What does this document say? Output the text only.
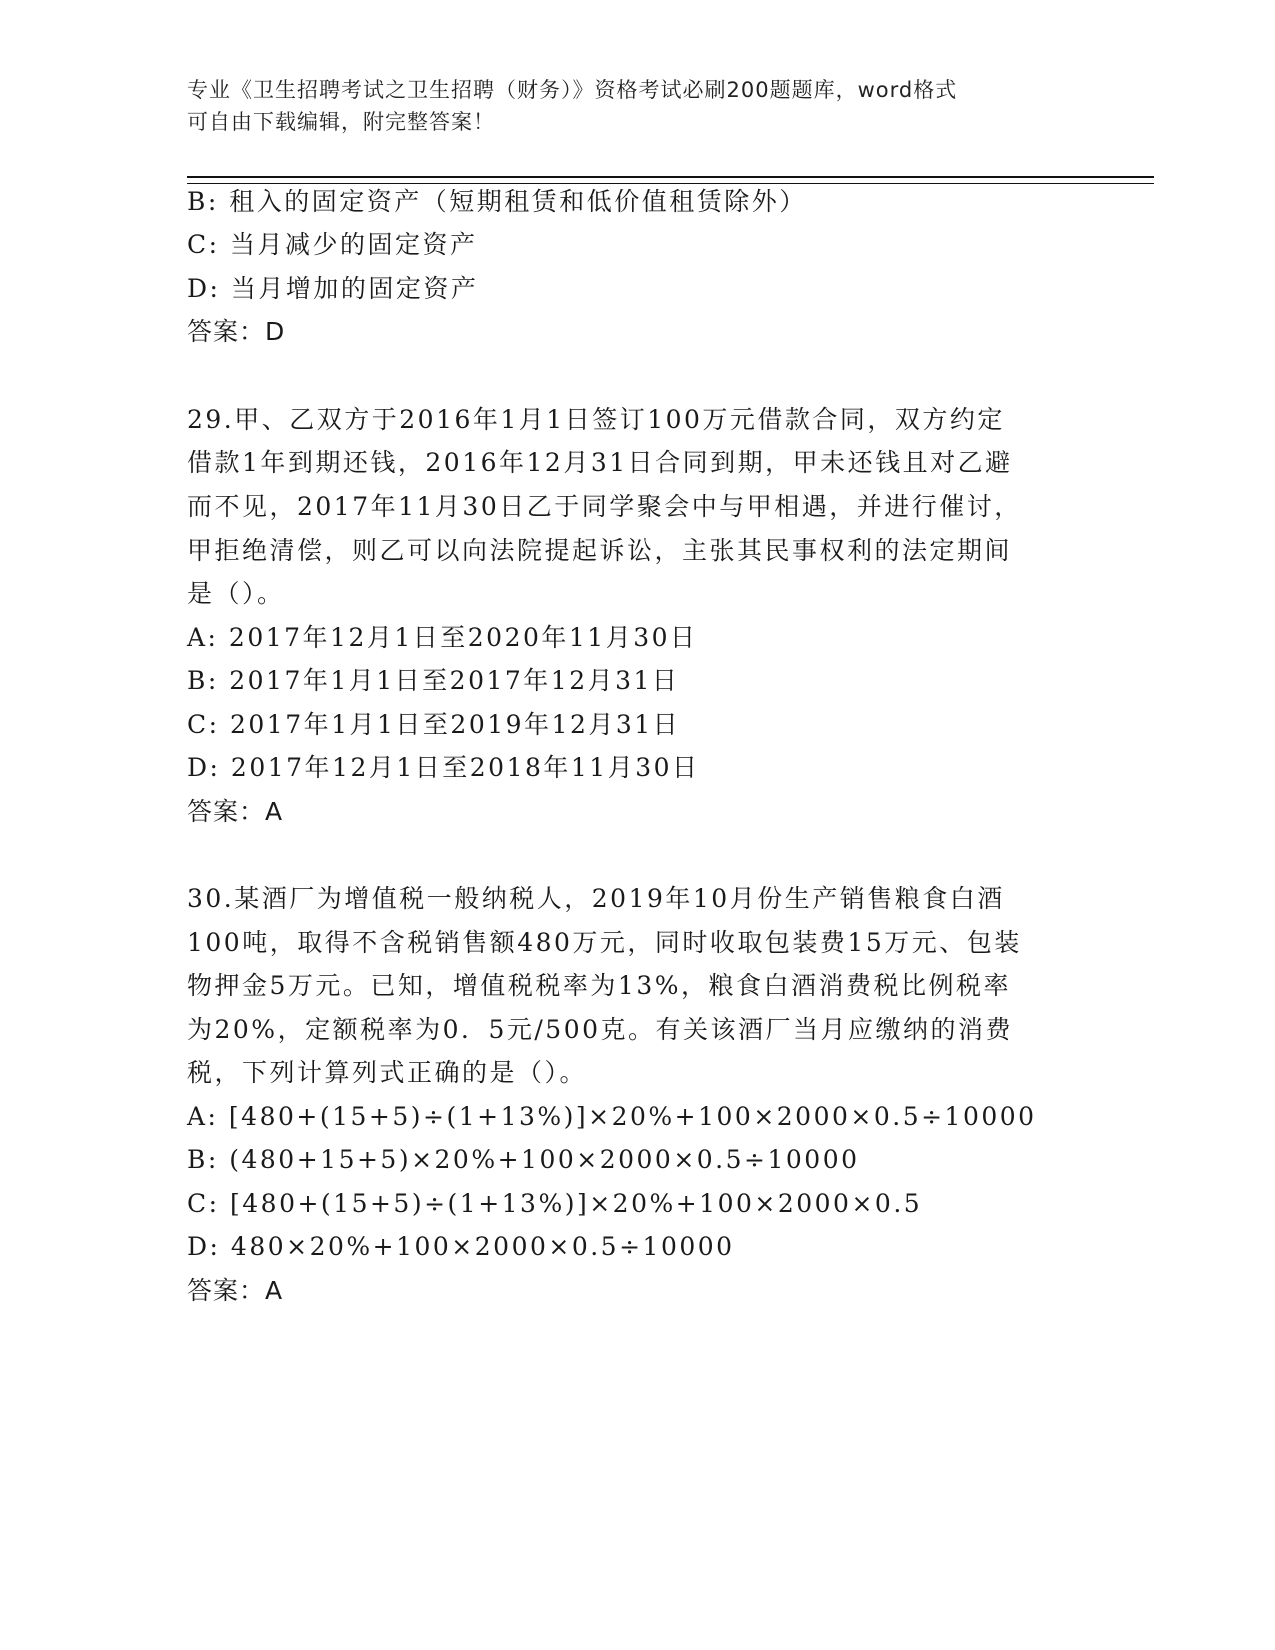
专业《卫生招聘考试之卫生招聘（财务）》资格考试必刷200题题库，word格式
可自由下载编辑，附完整答案！
B: 租入的固定资产（短期租赁和低价值租赁除外）
C: 当月减少的固定资产
D: 当月增加的固定资产
答案：D
29.甲、乙双方于2016年1月1日签订100万元借款合同，双方约定
借款1年到期还钱，2016年12月31日合同到期，甲未还钱且对乙避
而不见，2017年11月30日乙于同学聚会中与甲相遇，并进行催讨，
甲拒绝清偿，则乙可以向法院提起诉讼，主张其民事权利的法定期间
是（）。
A: 2017年12月1日至2020年11月30日
B: 2017年1月1日至2017年12月31日
C: 2017年1月1日至2019年12月31日
D: 2017年12月1日至2018年11月30日
答案：A
30.某酒厂为增值税一般纳税人，2019年10月份生产销售粮食白酒
100吨，取得不含税销售额480万元，同时收取包装费15万元、包装
物押金5万元。已知，增值税税率为13%，粮食白酒消费税比例税率
为20%，定额税率为0．5元/500克。有关该酒厂当月应缴纳的消费
税，下列计算列式正确的是（）。
A: [480+(15+5)÷(1+13%)]×20%+100×2000×0.5÷10000
B: (480+15+5)×20%+100×2000×0.5÷10000
C: [480+(15+5)÷(1+13%)]×20%+100×2000×0.5
D: 480×20%+100×2000×0.5÷10000
答案：A
